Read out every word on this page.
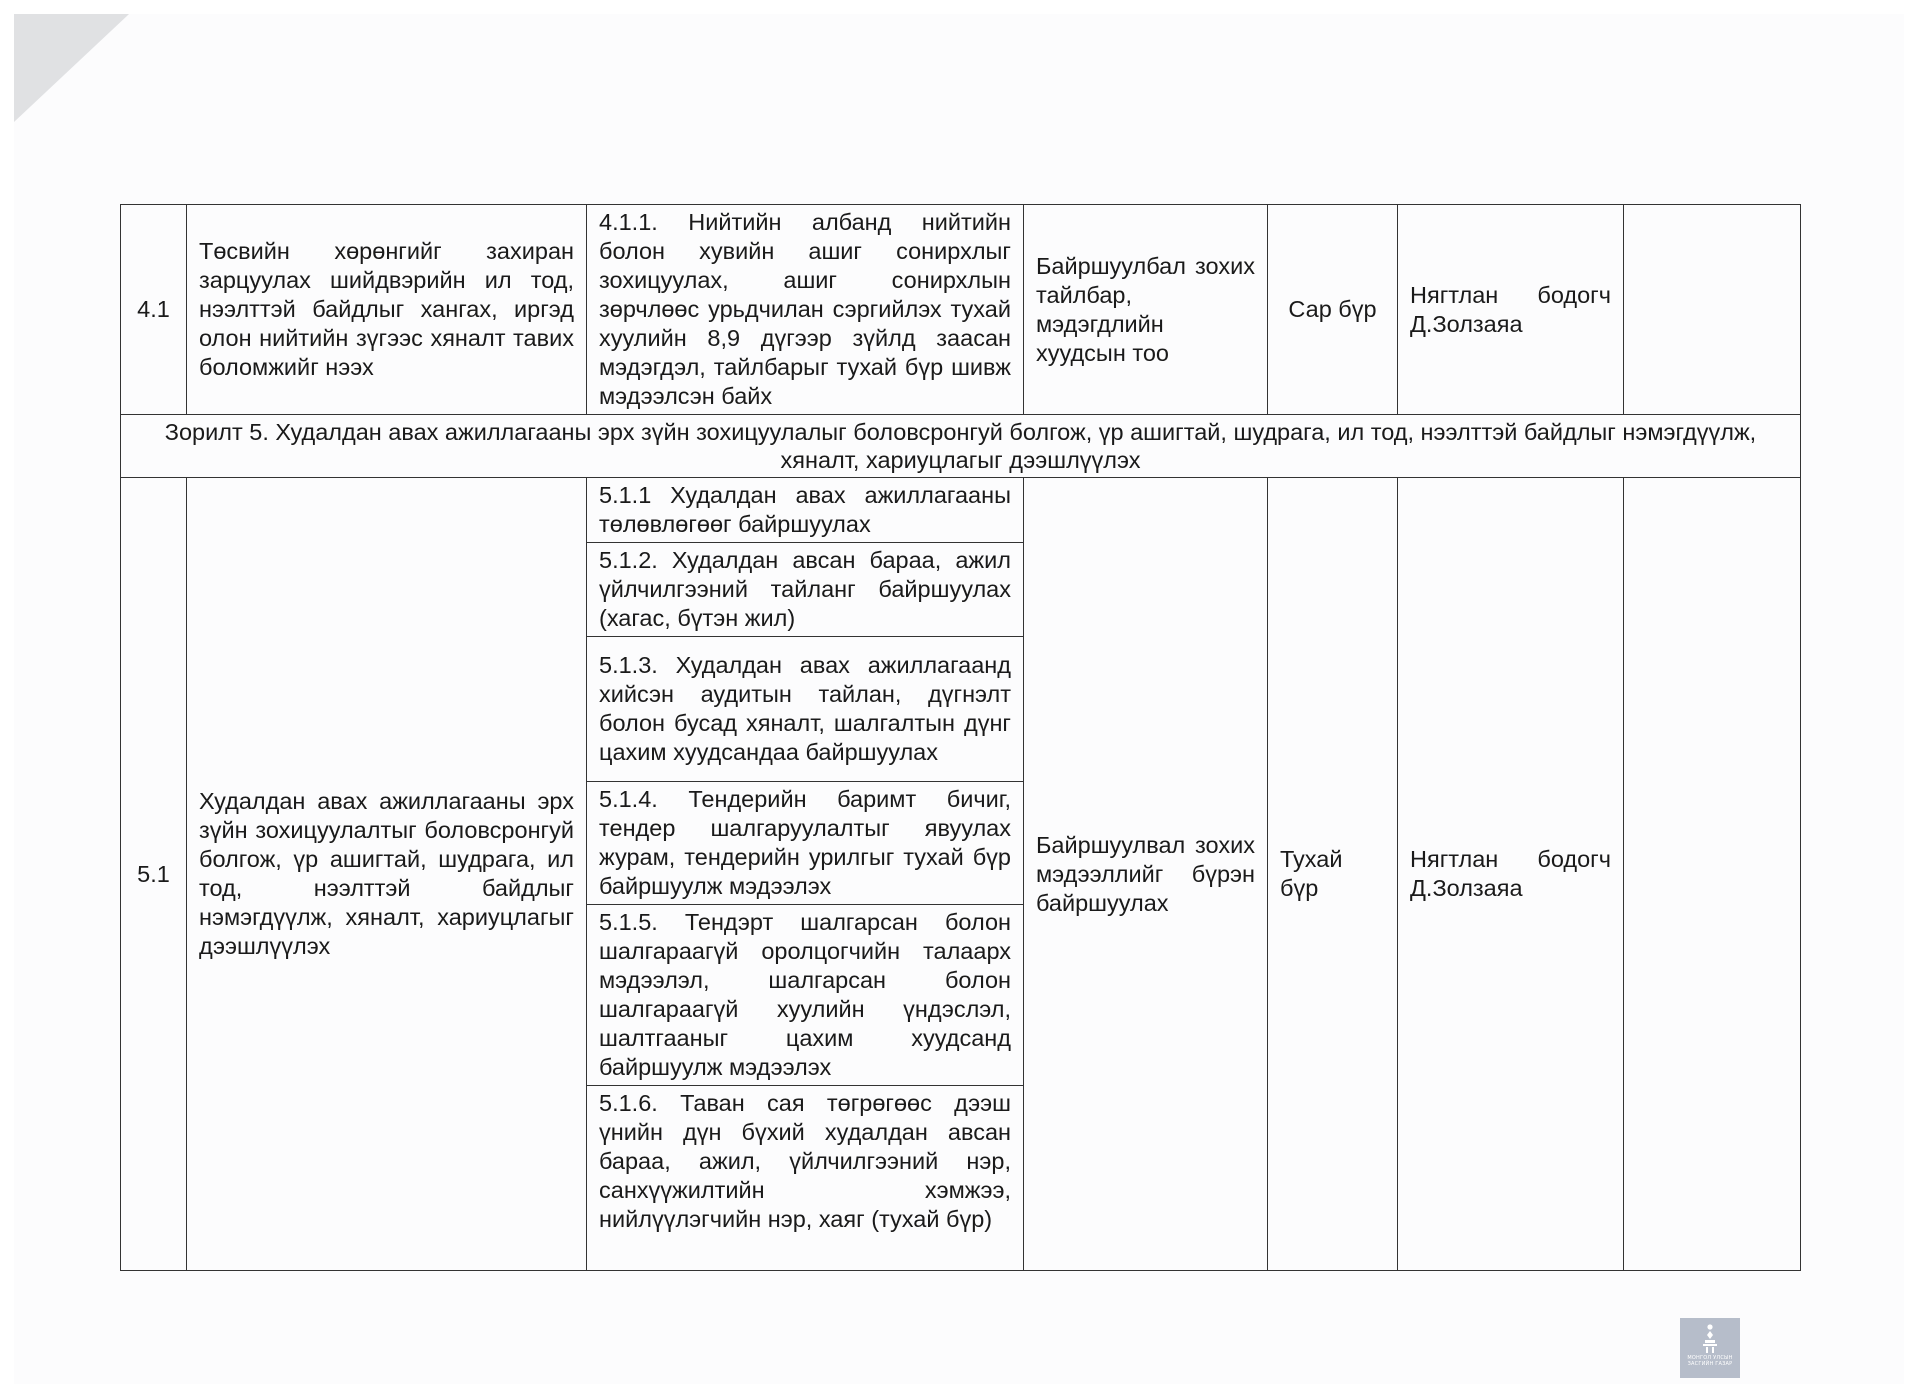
4.1	Төсвийн хөрөнгийг захиран зарцуулах шийдвэрийн ил тод, нээлттэй байдлыг хангах, иргэд олон нийтийн зүгээс хяналт тавих боломжийг нээх	4.1.1. Нийтийн албанд нийтийн болон хувийн ашиг сонирхлыг зохицуулах, ашиг сонирхлын зөрчлөөс урьдчилан сэргийлэх тухай хуулийн 8,9 дүгээр зүйлд заасан мэдэгдэл, тайлбарыг тухай бүр шивж мэдээлсэн байх	Байршуулбал зохих тайлбар, мэдэгдлийн хуудсын тоо	Сар бүр	Нягтлан бодогч Д.Золзаяа	
Зорилт 5. Худалдан авах ажиллагааны эрх зүйн зохицуулалыг боловсронгуй болгож, үр ашигтай, шудрага, ил тод, нээлттэй байдлыг нэмэгдүүлж, хяналт, хариуцлагыг дээшлүүлэх						
5.1	Худалдан авах ажиллагааны эрх зүйн зохицуулалтыг боловсронгуй болгож, үр ашигтай, шудрага, ил тод, нээлттэй байдлыг нэмэгдүүлж, хяналт, хариуцлагыг дээшлүүлэх	5.1.1 Худалдан авах ажиллагааны төлөвлөгөөг байршуулах	Байршуулвал зохих мэдээллийг бүрэн байршуулах	Тухай бүр	Нягтлан бодогч Д.Золзаяа	
		5.1.2. Худалдан авсан бараа, ажил үйлчилгээний тайланг байршуулах (хагас, бүтэн жил)				
		5.1.3. Худалдан авах ажиллагаанд хийсэн аудитын тайлан, дүгнэлт болон бусад хяналт, шалгалтын дүнг цахим хуудсандаа байршуулах				
		5.1.4. Тендерийн баримт бичиг, тендер шалгаруулалтыг явуулах журам, тендерийн урилгыг тухай бүр байршуулж мэдээлэх				
		5.1.5. Тендэрт шалгарсан болон шалгараагүй оролцогчийн талаарх мэдээлэл, шалгарсан болон шалгараагүй хуулийн үндэслэл, шалтгааныг цахим хуудсанд байршуулж мэдээлэх				
		5.1.6. Таван сая төгрөгөөс дээш үнийн дүн бүхий худалдан авсан бараа, ажил, үйлчилгээний нэр, санхүүжилтийн хэмжээ, нийлүүлэгчийн нэр, хаяг (тухай бүр)				
МОНГОЛ УЛСЫН
ЗАСГИЙН ГАЗАР
